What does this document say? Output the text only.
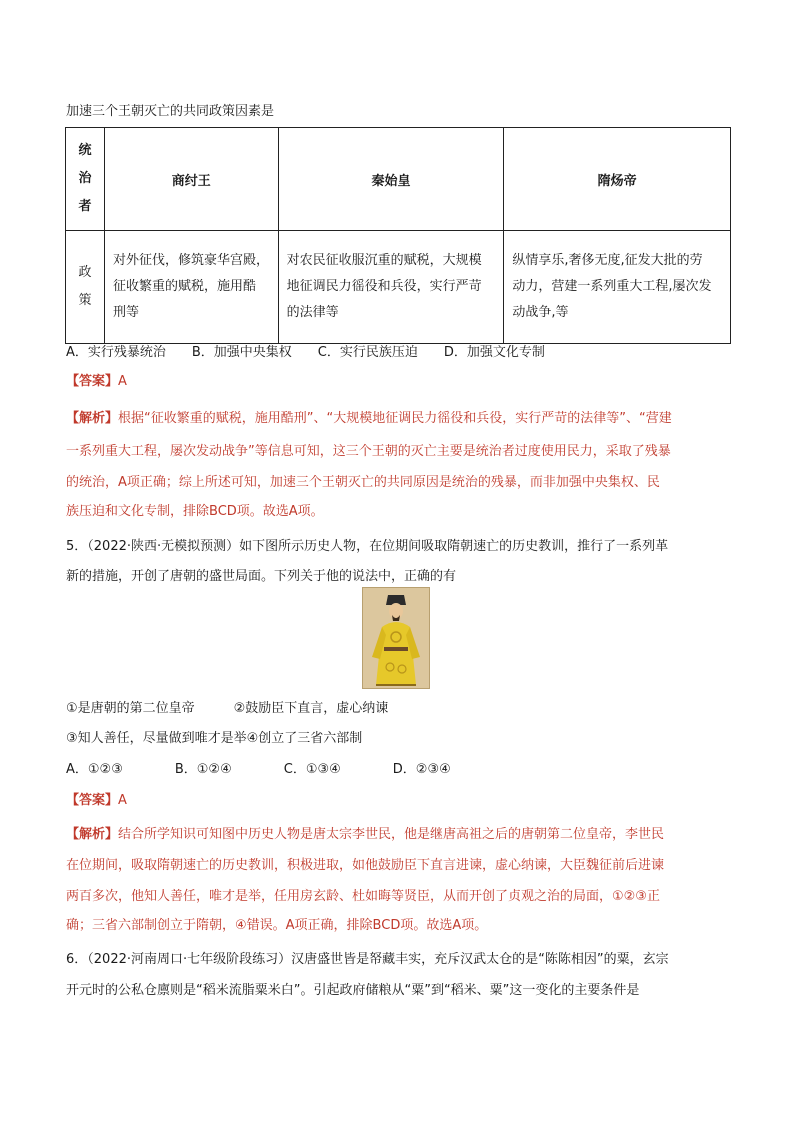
加速三个王朝灭亡的共同政策因素是
统
治
者	商纣王	秦始皇	隋炀帝
政
策	对外征伐，修筑豪华宫殿，
征收繁重的赋税，施用酷
刑等	对农民征收服沉重的赋税，大规模
地征调民力徭役和兵役，实行严苛
的法律等	纵情享乐,奢侈无度,征发大批的劳
动力，营建一系列重大工程,屡次发
动战争,等
A．实行残暴统治　　B．加强中央集权　　C．实行民族压迫　　D．加强文化专制
【答案】A
【解析】根据“征收繁重的赋税，施用酷刑”、“大规模地征调民力徭役和兵役，实行严苛的法律等”、“营建
一系列重大工程，屡次发动战争”等信息可知，这三个王朝的灭亡主要是统治者过度使用民力，采取了残暴
的统治，A项正确；综上所述可知，加速三个王朝灭亡的共同原因是统治的残暴，而非加强中央集权、民
族压迫和文化专制，排除BCD项。故选A项。
5．（2022·陕西·无模拟预测）如下图所示历史人物，在位期间吸取隋朝速亡的历史教训，推行了一系列革
新的措施，开创了唐朝的盛世局面。下列关于他的说法中，正确的有
①是唐朝的第二位皇帝　　　②鼓励臣下直言，虚心纳谏
③知人善任，尽量做到唯才是举④创立了三省六部制
A．①②③　　　　B．①②④　　　　C．①③④　　　　D．②③④
【答案】A
【解析】结合所学知识可知图中历史人物是唐太宗李世民，他是继唐高祖之后的唐朝第二位皇帝，李世民
在位期间，吸取隋朝速亡的历史教训，积极进取，如他鼓励臣下直言进谏，虚心纳谏，大臣魏征前后进谏
两百多次，他知人善任，唯才是举，任用房玄龄、杜如晦等贤臣，从而开创了贞观之治的局面，①②③正
确；三省六部制创立于隋朝，④错误。A项正确，排除BCD项。故选A项。
6．（2022·河南周口·七年级阶段练习）汉唐盛世皆是帑藏丰实，充斥汉武太仓的是“陈陈相因”的粟，玄宗
开元时的公私仓廪则是“稻米流脂粟米白”。引起政府储粮从“粟”到“稻米、粟”这一变化的主要条件是
